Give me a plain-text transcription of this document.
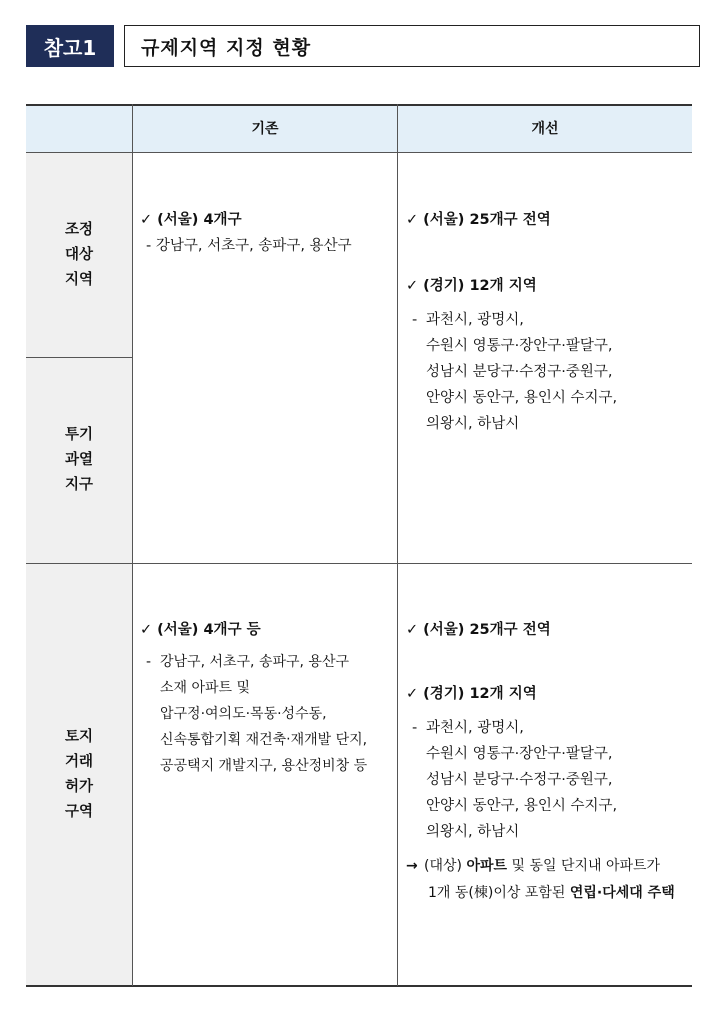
참고1 규제지역 지정 현황
기존	개선
조정
대상
지역
투기
과열
지구
토지
거래
허가
구역
✓ (서울) 4개구
- 강남구, 서초구, 송파구, 용산구
✓ (서울) 25개구 전역
✓ (경기) 12개 지역
- 과천시, 광명시,
수원시 영통구·장안구·팔달구,
성남시 분당구·수정구·중원구,
안양시 동안구, 용인시 수지구,
의왕시, 하남시
✓ (서울) 4개구 등
- 강남구, 서초구, 송파구, 용산구
소재 아파트 및
압구정·여의도·목동·성수동,
신속통합기획 재건축‧재개발 단지,
공공택지 개발지구, 용산정비창 등
✓ (서울) 25개구 전역
✓ (경기) 12개 지역
- 과천시, 광명시,
수원시 영통구·장안구·팔달구,
성남시 분당구·수정구·중원구,
안양시 동안구, 용인시 수지구,
의왕시, 하남시
→ (대상) 아파트 및 동일 단지내 아파트가
1개 동(棟)이상 포함된 연립·다세대 주택
